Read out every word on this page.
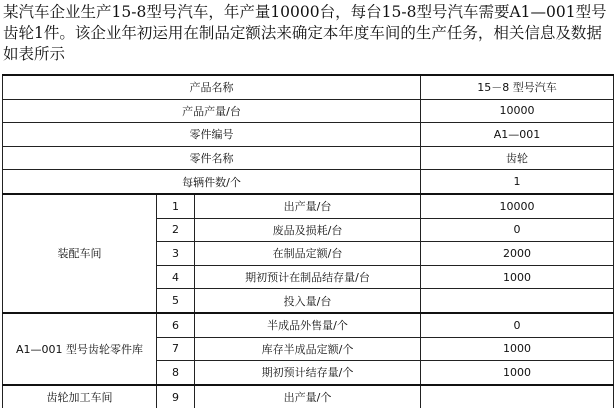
某汽车企业生产15-8型号汽车，年产量10000台，每台15-8型号汽车需要A1—001型号齿轮1件。该企业年初运用在制品定额法来确定本年度车间的生产任务，相关信息及数据如表所示
产品名称			15－8 型号汽车
产品产量/台			10000
零件编号			A1—001
零件名称			齿轮
每辆件数/个			1
装配车间	1	出产量/台	10000
	2	废品及损耗/台	0
	3	在制品定额/台	2000
	4	期初预计在制品结存量/台	1000
	5	投入量/台	
A1—001 型号齿轮零件库	6	半成品外售量/个	0
	7	库存半成品定额/个	1000
	8	期初预计结存量/个	1000
齿轮加工车间	9	出产量/个	
